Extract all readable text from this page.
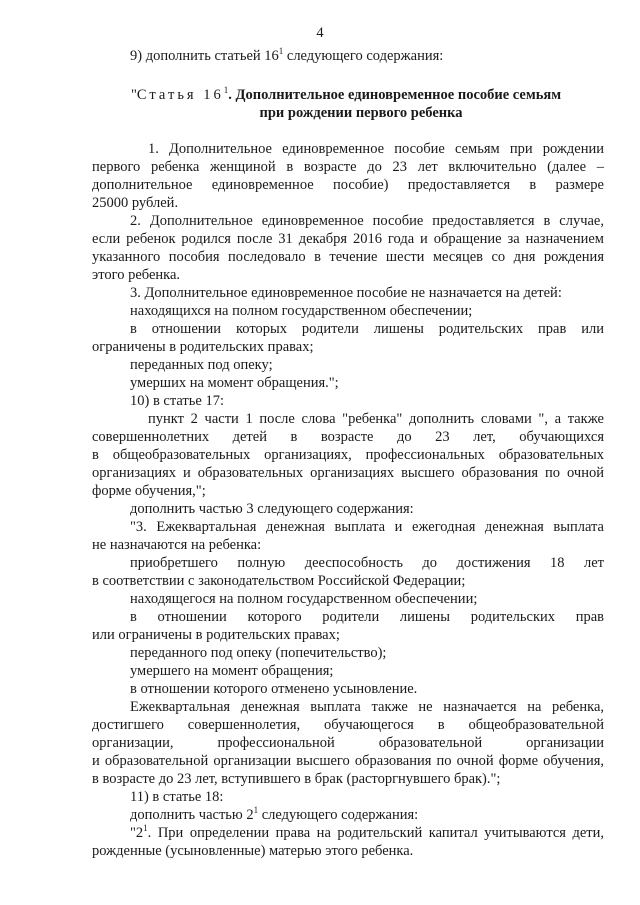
4
9) дополнить статьей $16^1$ следующего содержания:
"Статья $16^1$. Дополнительное единовременное пособие семьям
при рождении первого ребенка
1. Дополнительное единовременное пособие семьям при рождении
первого ребенка женщиной в возрасте до 23 лет включительно (далее –
дополнительное единовременное пособие) предоставляется в размере
25000 рублей.
2. Дополнительное единовременное пособие предоставляется в случае,
если ребенок родился после 31 декабря 2016 года и обращение за назначением
указанного пособия последовало в течение шести месяцев со дня рождения
этого ребенка.
3. Дополнительное единовременное пособие не назначается на детей:
находящихся на полном государственном обеспечении;
в отношении которых родители лишены родительских прав или
ограничены в родительских правах;
переданных под опеку;
умерших на момент обращения.";
10) в статье 17:
пункт 2 части 1 после слова "ребенка" дополнить словами ", а также
совершеннолетних детей в возрасте до 23 лет, обучающихся
в общеобразовательных организациях, профессиональных образовательных
организациях и образовательных организациях высшего образования по очной
форме обучения,";
дополнить частью 3 следующего содержания:
"3. Ежеквартальная денежная выплата и ежегодная денежная выплата
не назначаются на ребенка:
приобретшего полную дееспособность до достижения 18 лет
в соответствии с законодательством Российской Федерации;
находящегося на полном государственном обеспечении;
в отношении которого родители лишены родительских прав
или ограничены в родительских правах;
переданного под опеку (попечительство);
умершего на момент обращения;
в отношении которого отменено усыновление.
Ежеквартальная денежная выплата также не назначается на ребенка,
достигшего совершеннолетия, обучающегося в общеобразовательной
организации, профессиональной образовательной организации
и образовательной организации высшего образования по очной форме обучения,
в возрасте до 23 лет, вступившего в брак (расторгнувшего брак).";
11) в статье 18:
дополнить частью $2^1$ следующего содержания:
"$2^1$. При определении права на родительский капитал учитываются дети,
рожденные (усыновленные) матерью этого ребенка.
